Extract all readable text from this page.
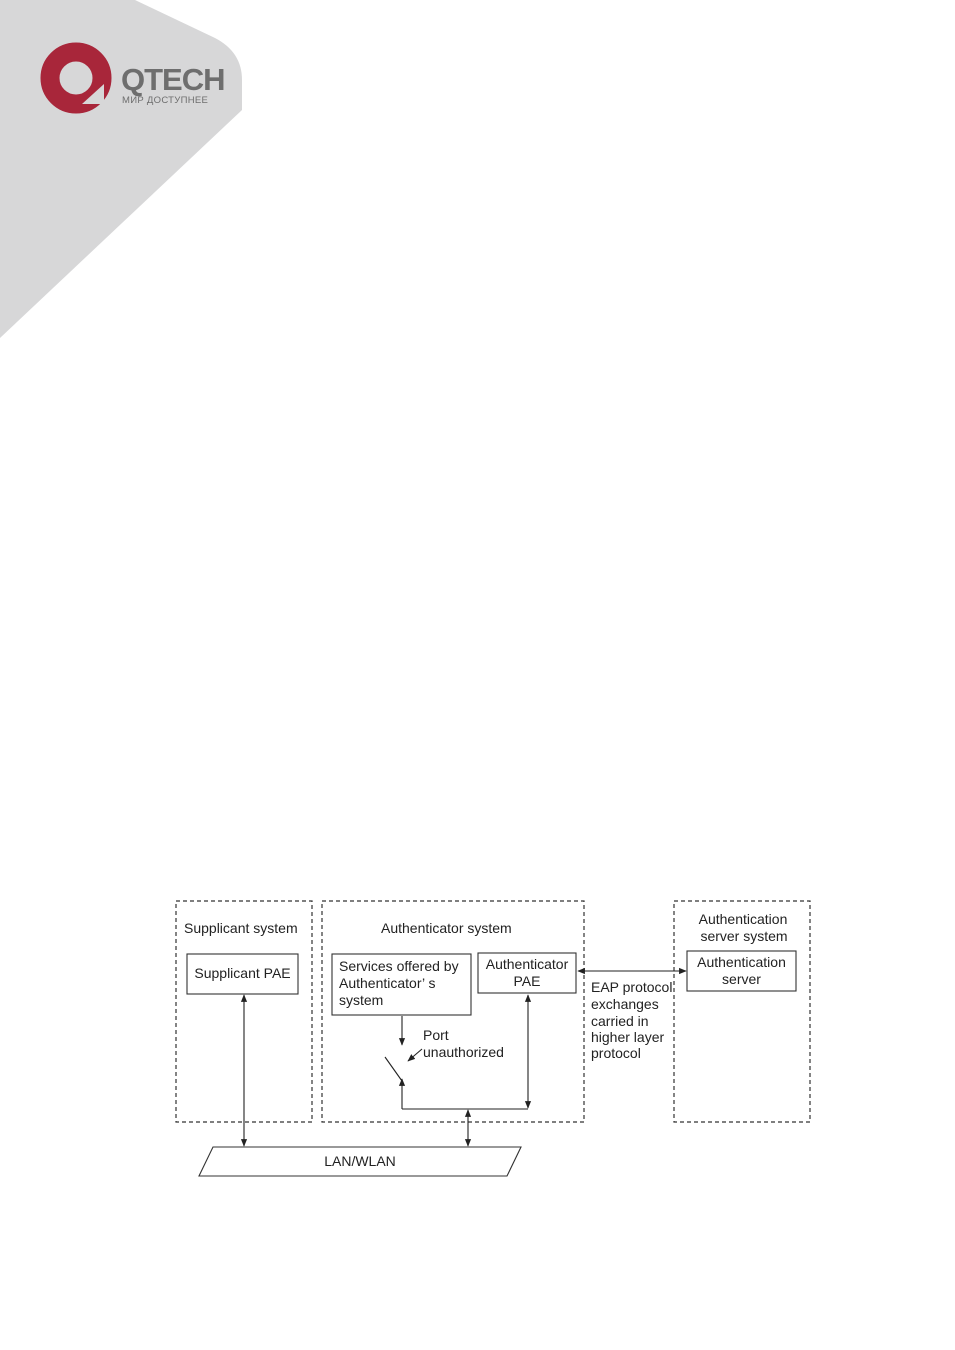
QTECH
МИР ДОСТУПНЕЕ
Supplicant system
Supplicant PAE
Authenticator system
Services offered by
Authenticator’ s
system
Authenticator
PAE
Port
unauthorized
Authentication
server system
Authentication
server
EAP protocol
exchanges
carried in
higher layer
protocol
LAN/WLAN
